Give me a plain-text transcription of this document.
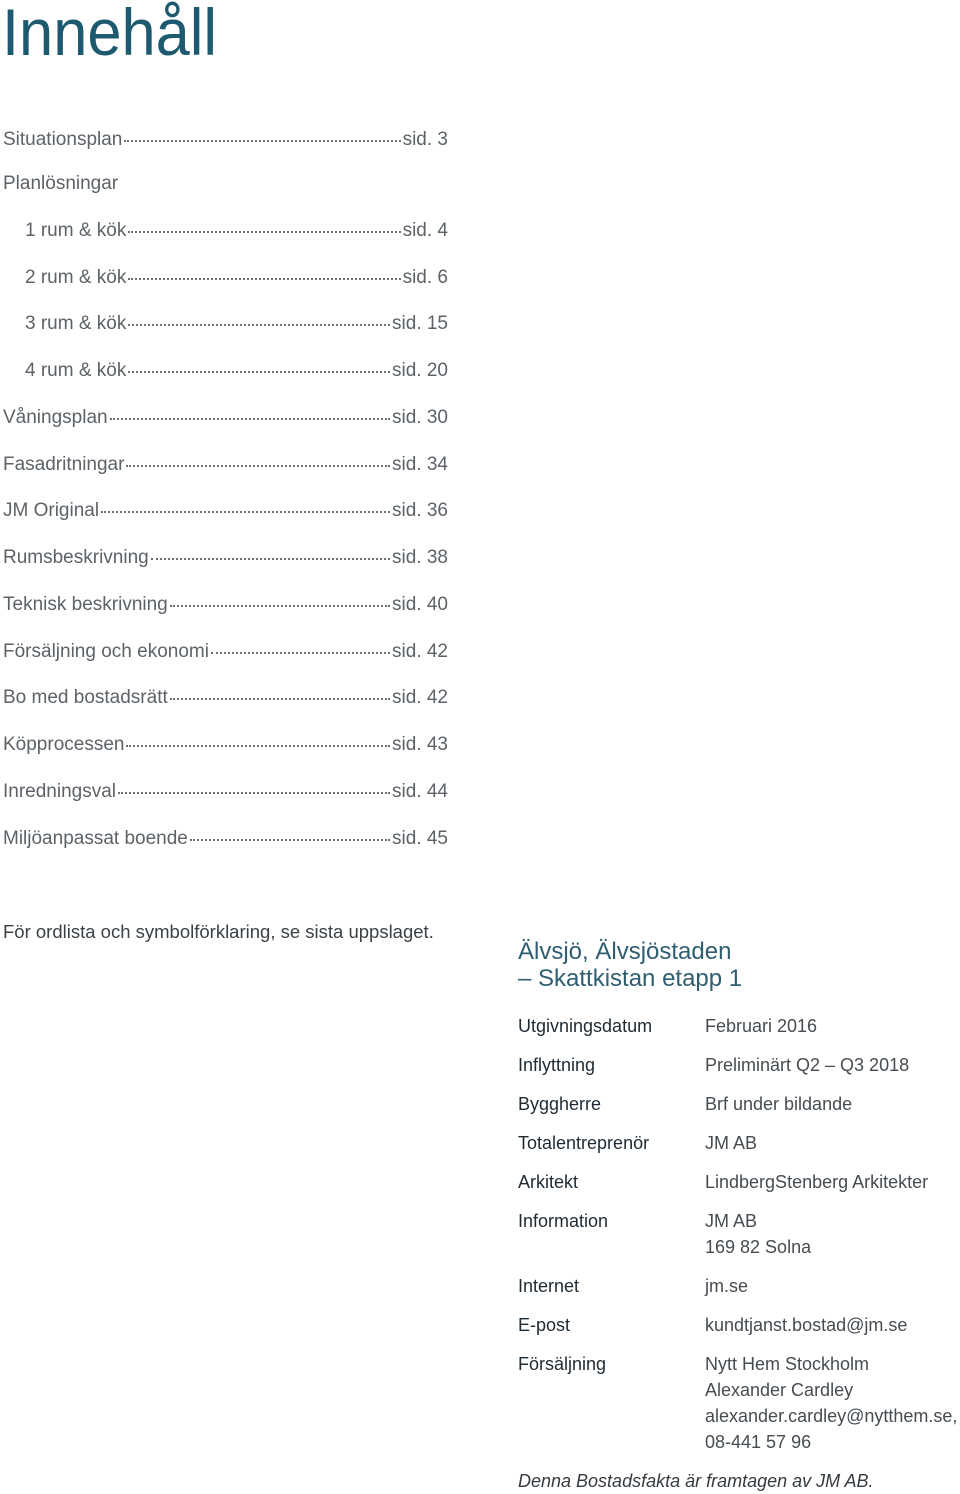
Innehåll
Situationsplan	sid. 3
Planlösningar
1 rum & kök	sid. 4
2 rum & kök	sid. 6
3 rum & kök	sid. 15
4 rum & kök	sid. 20
Våningsplan	sid. 30
Fasadritningar	sid. 34
JM Original	sid. 36
Rumsbeskrivning	sid. 38
Teknisk beskrivning	sid. 40
Försäljning och ekonomi	sid. 42
Bo med bostadsrätt	sid. 42
Köpprocessen	sid. 43
Inredningsval	sid. 44
Miljöanpassat boende	sid. 45
För ordlista och symbolförklaring, se sista uppslaget.
Älvsjö, Älvsjöstaden
– Skattkistan etapp 1
Utgivningsdatum	Februari 2016
Inflyttning	Preliminärt Q2 – Q3 2018
Byggherre	Brf under bildande
Totalentreprenör	JM AB
Arkitekt	LindbergStenberg Arkitekter
Information	JM AB
169 82 Solna
Internet	jm.se
E-post	kundtjanst.bostad@jm.se
Försäljning	Nytt Hem Stockholm
Alexander Cardley
alexander.cardley@nytthem.se,
08-441 57 96
Denna Bostadsfakta är framtagen av JM AB.
